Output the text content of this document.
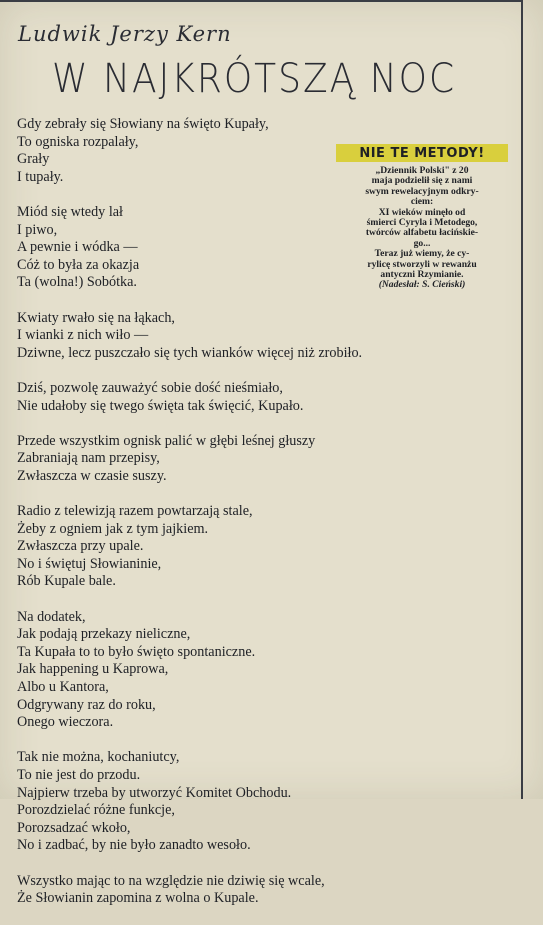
Ludwik Jerzy Kern
W NAJKRÓTSZĄ NOC
Gdy zebrały się Słowiany na święto Kupały,
To ogniska rozpalały,
Grały
I tupały.
Miód się wtedy lał
I piwo,
A pewnie i wódka —
Cóż to była za okazja
Ta (wolna!) Sobótka.
Kwiaty rwało się na łąkach,
I wianki z nich wiło —
Dziwne, lecz puszczało się tych wianków więcej niż zrobiło.
Dziś, pozwolę zauważyć sobie dość nieśmiało,
Nie udałoby się twego święta tak święcić, Kupało.
Przede wszystkim ognisk palić w głębi leśnej głuszy
Zabraniają nam przepisy,
Zwłaszcza w czasie suszy.
Radio z telewizją razem powtarzają stale,
Żeby z ogniem jak z tym jajkiem.
Zwłaszcza przy upale.
No i świętuj Słowianinie,
Rób Kupale bale.
Na dodatek,
Jak podają przekazy nieliczne,
Ta Kupała to to było święto spontaniczne.
Jak happening u Kaprowa,
Albo u Kantora,
Odgrywany raz do roku,
Onego wieczora.
Tak nie można, kochaniutcy,
To nie jest do przodu.
Najpierw trzeba by utworzyć Komitet Obchodu.
Porozdzielać różne funkcje,
Porozsadzać wkoło,
No i zadbać, by nie było zanadto wesoło.
Wszystko mając to na względzie nie dziwię się wcale,
Że Słowianin zapomina z wolna o Kupale.
NIE TE METODY!
„Dziennik Polski" z 20
maja podzielił się z nami
swym rewelacyjnym odkry-
ciem:
XI wieków minęło od
śmierci Cyryla i Metodego,
twórców alfabetu łacińskie-
go...
Teraz już wiemy, że cy-
rylicę stworzyli w rewanżu
antyczni Rzymianie.
(Nadesłał: S. Cieński)
